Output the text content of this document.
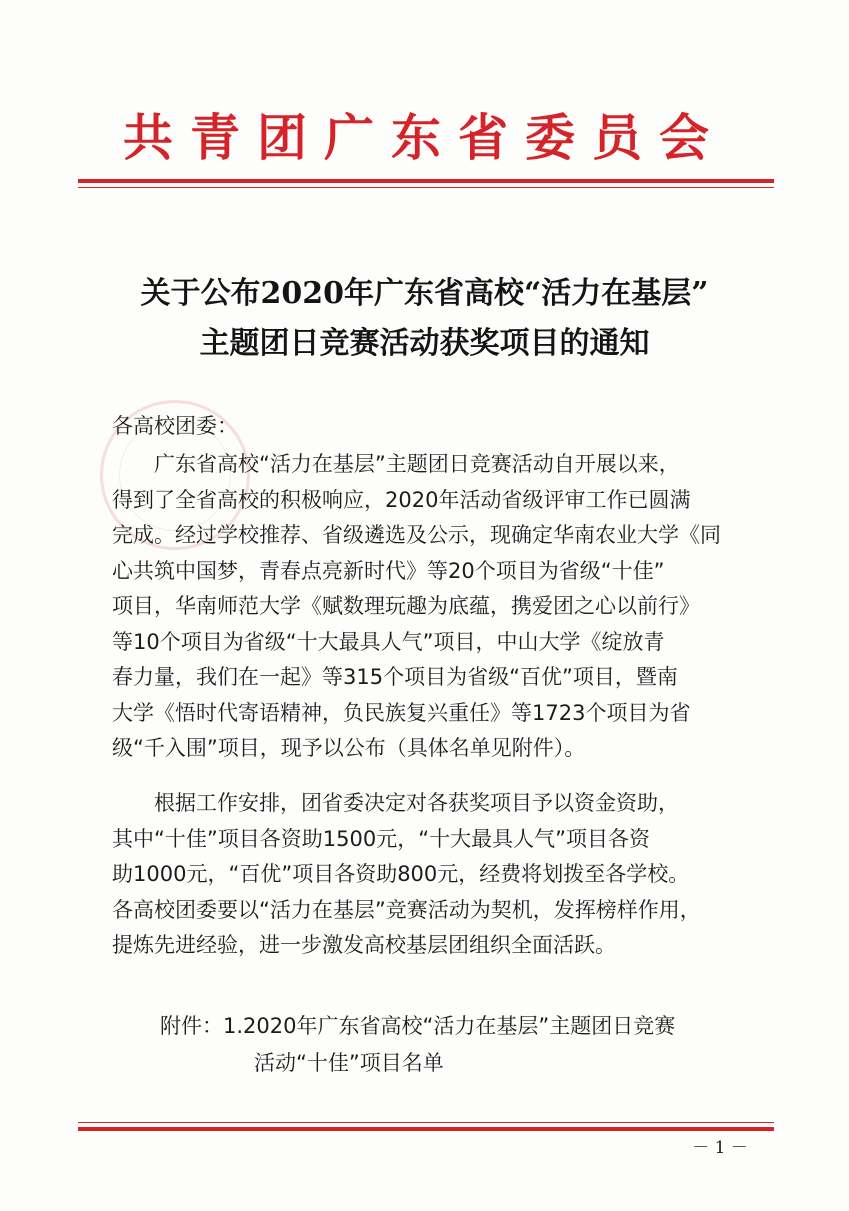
共青团广东省委员会
关于公布2020年广东省高校“活力在基层”
主题团日竞赛活动获奖项目的通知
各高校团委：
广东省高校“活力在基层”主题团日竞赛活动自开展以来，
得到了全省高校的积极响应，2020年活动省级评审工作已圆满
完成。经过学校推荐、省级遴选及公示，现确定华南农业大学《同
心共筑中国梦，青春点亮新时代》等20个项目为省级“十佳”
项目，华南师范大学《赋数理玩趣为底蕴，携爱团之心以前行》
等10个项目为省级“十大最具人气”项目，中山大学《绽放青
春力量，我们在一起》等315个项目为省级“百优”项目，暨南
大学《悟时代寄语精神，负民族复兴重任》等1723个项目为省
级“千入围”项目，现予以公布（具体名单见附件）。
根据工作安排，团省委决定对各获奖项目予以资金资助，
其中“十佳”项目各资助1500元，“十大最具人气”项目各资
助1000元，“百优”项目各资助800元，经费将划拨至各学校。
各高校团委要以“活力在基层”竞赛活动为契机，发挥榜样作用，
提炼先进经验，进一步激发高校基层团组织全面活跃。
附件：1.2020年广东省高校“活力在基层”主题团日竞赛
活动“十佳”项目名单
－ 1 －
